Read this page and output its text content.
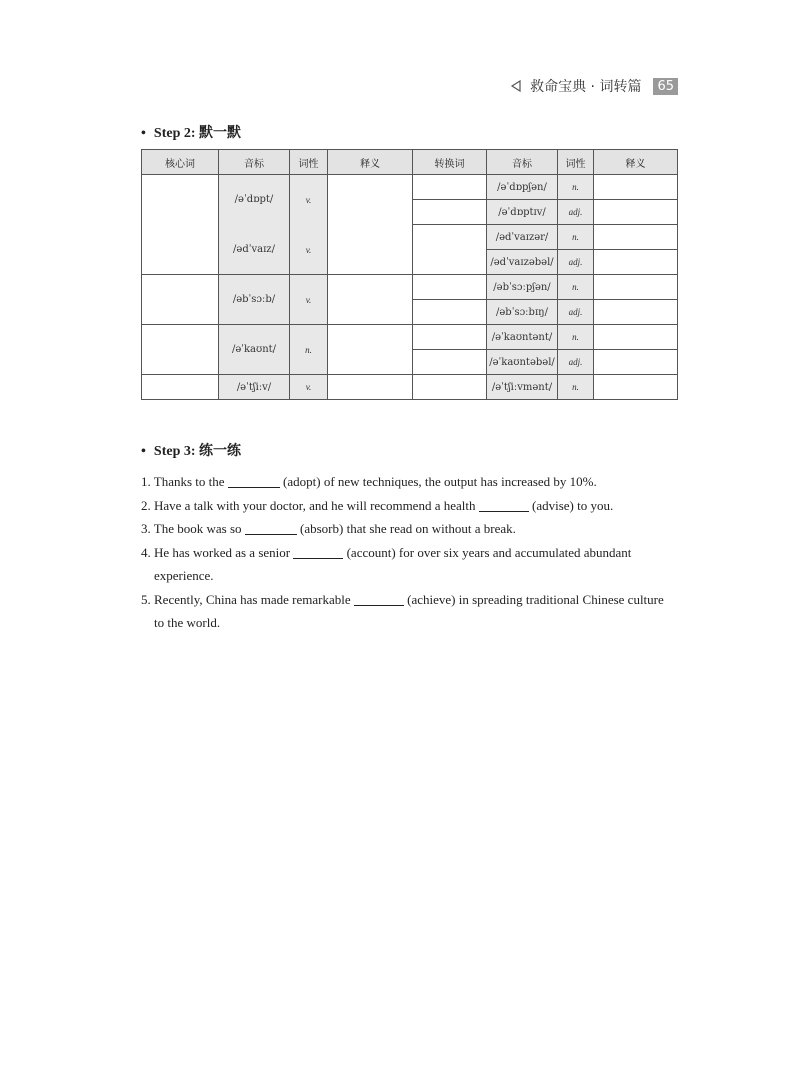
救命宝典 · 词转篇	65
• Step 2: 默一默
核心词	音标	词性	释义	转换词	音标	词性	释义
	/əˈdɒpt/	v.			/əˈdɒpʃən/	n.	
					/əˈdɒptɪv/	adj.	
	/ədˈvaɪz/	v.			/ədˈvaɪzər/	n.	
					/ədˈvaɪzəbəl/	adj.	
	/əbˈsɔːb/	v.			/əbˈsɔːpʃən/	n.	
					/əbˈsɔːbɪŋ/	adj.	
	/əˈkaʊnt/	n.			/əˈkaʊntənt/	n.	
					/əˈkaʊntəbəl/	adj.	
	/əˈtʃiːv/	v.			/əˈtʃiːvmənt/	n.	
• Step 3: 练一练

1. Thanks to the	(adopt) of new techniques, the output has increased by 10%.

2. Have a talk with your doctor, and he will recommend a health	(advise) to you.

3. The book was so	(absorb) that she read on without a break.

4. He has worked as a senior	(account) for over six years and accumulated abundant
experience.

5. Recently, China has made remarkable	(achieve) in spreading traditional Chinese culture
to the world.
